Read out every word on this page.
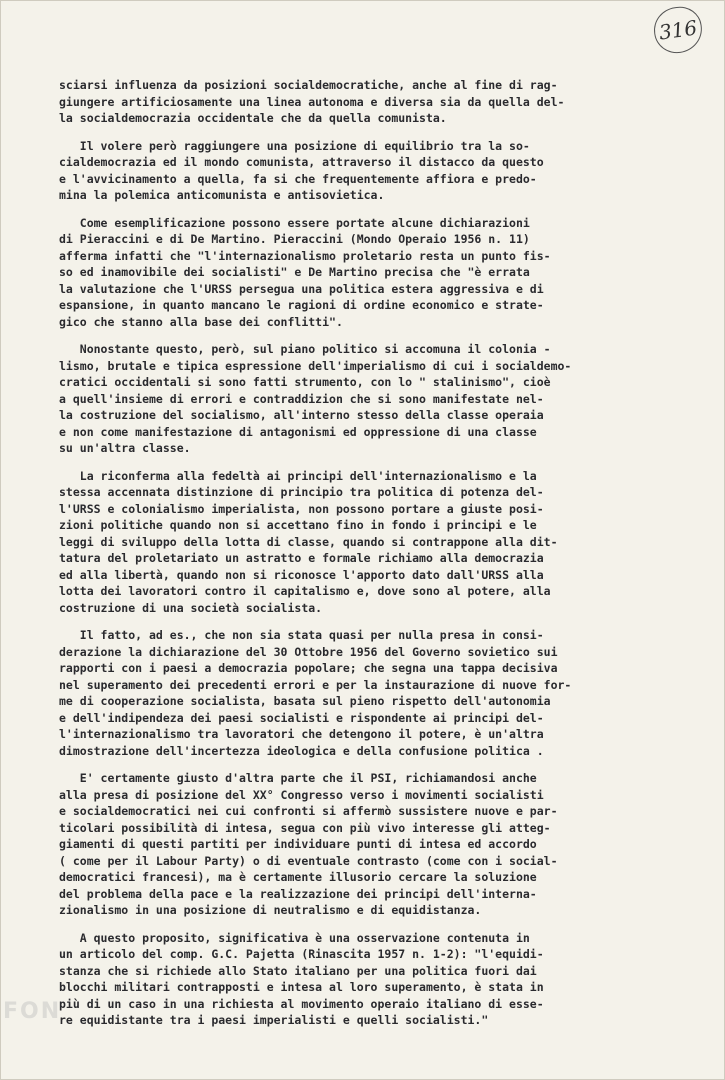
316
sciarsi influenza da posizioni socialdemocratiche, anche al fine di rag-
giungere artificiosamente una linea autonoma e diversa sia da quella del-
la socialdemocrazia occidentale che da quella comunista.
Il volere però raggiungere una posizione di equilibrio tra la so-
cialdemocrazia ed il mondo comunista, attraverso il distacco da questo
e l'avvicinamento a quella, fa si che frequentemente affiora e predo-
mina la polemica anticomunista e antisovietica.
Come esemplificazione possono essere portate alcune dichiarazioni
di Pieraccini e di De Martino. Pieraccini (Mondo Operaio 1956 n. 11)
afferma infatti che "l'internazionalismo proletario resta un punto fis-
so ed inamovibile dei socialisti" e De Martino precisa che "è errata
la valutazione che l'URSS persegua una politica estera aggressiva e di
espansione, in quanto mancano le ragioni di ordine economico e strate-
gico che stanno alla base dei conflitti".
Nonostante questo, però, sul piano politico si accomuna il colonia -
lismo, brutale e tipica espressione dell'imperialismo di cui i socialdemo-
cratici occidentali si sono fatti strumento, con lo " stalinismo", cioè
a quell'insieme di errori e contraddizion che si sono manifestate nel-
la costruzione del socialismo, all'interno stesso della classe operaia
e non come manifestazione di antagonismi ed oppressione di una classe
su un'altra classe.
La riconferma alla fedeltà ai principi dell'internazionalismo e la
stessa accennata distinzione di principio tra politica di potenza del-
l'URSS e colonialismo imperialista, non possono portare a giuste posi-
zioni politiche quando non si accettano fino in fondo i principi e le
leggi di sviluppo della lotta di classe, quando si contrappone alla dit-
tatura del proletariato un astratto e formale richiamo alla democrazia
ed alla libertà, quando non si riconosce l'apporto dato dall'URSS alla
lotta dei lavoratori contro il capitalismo e, dove sono al potere, alla
costruzione di una società socialista.
Il fatto, ad es., che non sia stata quasi per nulla presa in consi-
derazione la dichiarazione del 30 Ottobre 1956 del Governo sovietico sui
rapporti con i paesi a democrazia popolare; che segna una tappa decisiva
nel superamento dei precedenti errori e per la instaurazione di nuove for-
me di cooperazione socialista, basata sul pieno rispetto dell'autonomia
e dell'indipendeza dei paesi socialisti e rispondente ai principi del-
l'internazionalismo tra lavoratori che detengono il potere, è un'altra
dimostrazione dell'incertezza ideologica e della confusione politica .
E' certamente giusto d'altra parte che il PSI, richiamandosi anche
alla presa di posizione del XX° Congresso verso i movimenti socialisti
e socialdemocratici nei cui confronti si affermò sussistere nuove e par-
ticolari possibilità di intesa, segua con più vivo interesse gli atteg-
giamenti di questi partiti per individuare punti di intesa ed accordo
( come per il Labour Party) o di eventuale contrasto (come con i social-
democratici francesi), ma è certamente illusorio cercare la soluzione
del problema della pace e la realizzazione dei principi dell'interna-
zionalismo in una posizione di neutralismo e di equidistanza.
A questo proposito, significativa è una osservazione contenuta in
un articolo del comp. G.C. Pajetta (Rinascita 1957 n. 1-2): "l'equidi-
stanza che si richiede allo Stato italiano per una politica fuori dai
blocchi militari contrapposti e intesa al loro superamento, è stata in
più di un caso in una richiesta al movimento operaio italiano di esse-
re equidistante tra i paesi imperialisti e quelli socialisti."
FON
